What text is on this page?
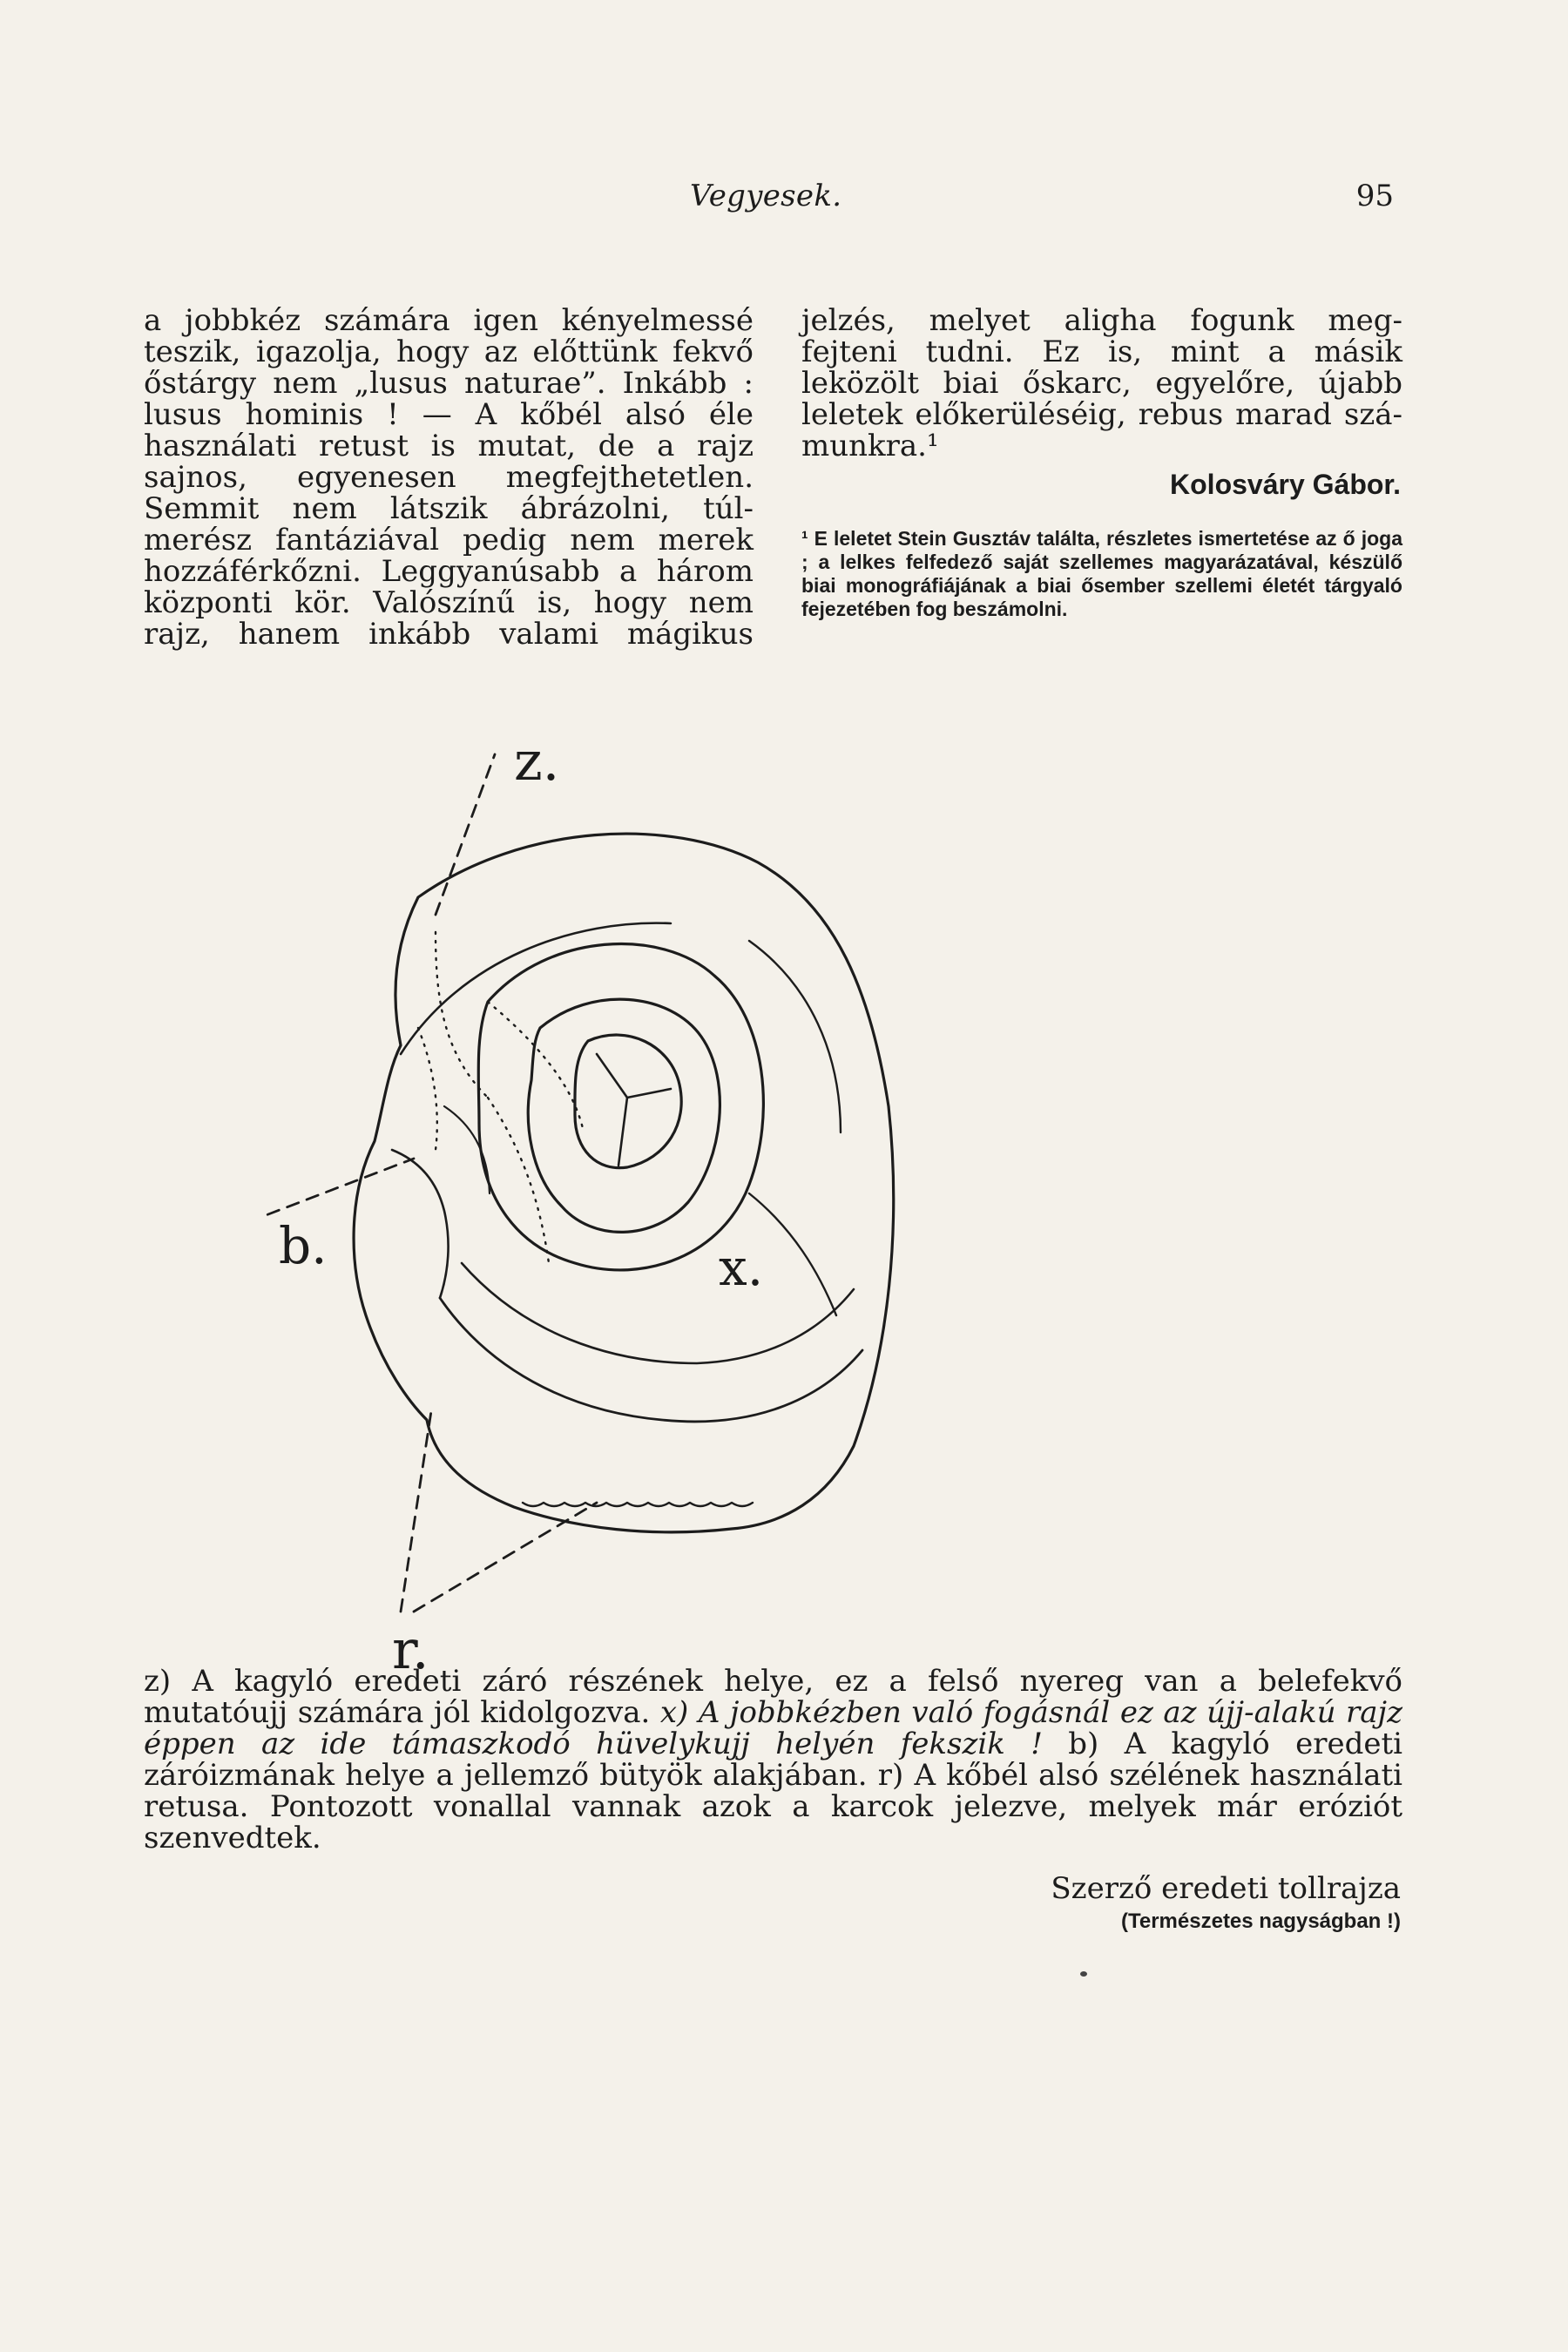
Vegyesek.	95
a jobbkéz számára igen kényelmessé
teszik, igazolja, hogy az előttünk fekvő
őstárgy nem „lusus naturae”. Inkább :
lusus hominis ! — A kőbél alsó éle
használati retust is mutat, de a rajz
sajnos, egyenesen megfejthetetlen.
Semmit nem látszik ábrázolni, túl-
merész fantáziával pedig nem merek
hozzáférkőzni. Leggyanúsabb a három
központi kör. Valószínű is, hogy nem
rajz, hanem inkább valami mágikus
jelzés, melyet aligha fogunk meg-
fejteni tudni. Ez is, mint a másik
leközölt biai őskarc, egyelőre, újabb
leletek előkerüléséig, rebus marad szá-
munkra.¹
Kolosváry Gábor.
¹ E leletet Stein Gusztáv találta, részletes ismertetése az ő joga ; a lelkes felfedező saját szellemes magyarázatával, készülő biai monográfiájának a biai ősember szellemi életét tárgyaló fejezetében fog beszámolni.
z.
x.
b.
r.
z) A kagyló eredeti záró részének helye, ez a felső nyereg van a belefekvő mutatóujj számára jól kidolgozva. x) A jobbkézben való fogásnál ez az újj-alakú rajz éppen az ide támaszkodó hüvelykujj helyén fekszik ! b) A kagyló eredeti záróizmának helye a jellemző bütyök alakjában. r) A kőbél alsó szélének használati retusa. Pontozott vonallal vannak azok a karcok jelezve, melyek már eróziót szenvedtek.
Szerző eredeti tollrajza
(Természetes nagyságban !)
